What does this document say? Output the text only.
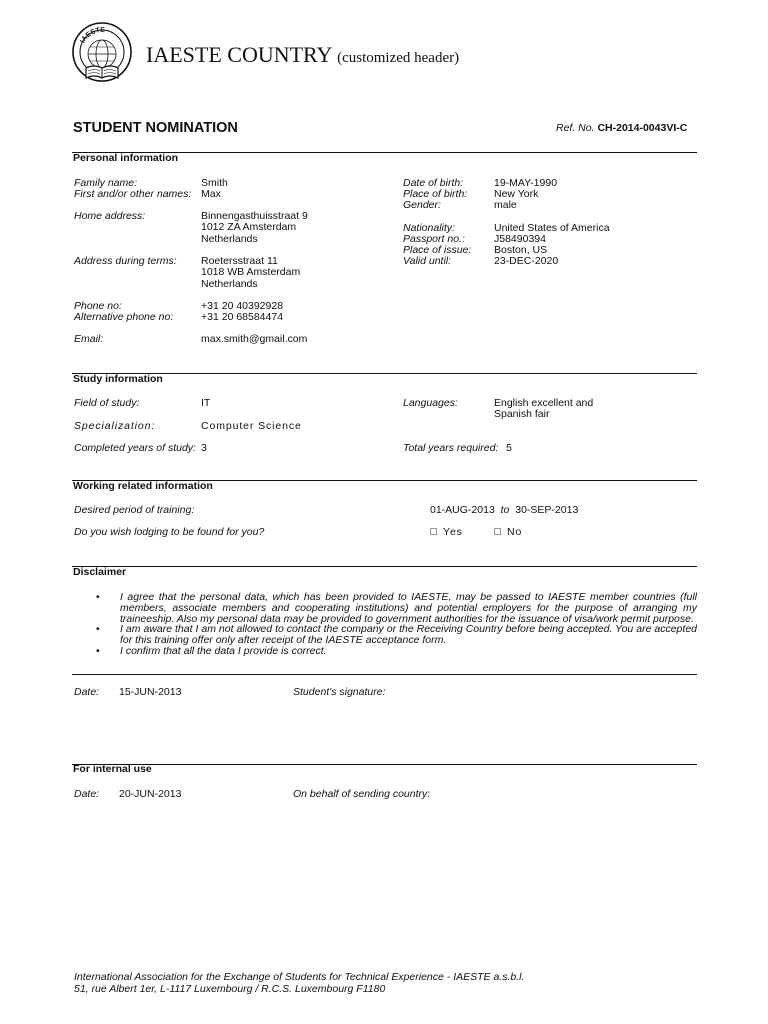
IAESTE
IAESTE COUNTRY (customized header)
STUDENT NOMINATION	Ref. No. CH-2014-0043VI-C
Personal information
Family name:	Smith
First and/or other names: Max
Home address:	Binnengasthuisstraat 9
1012 ZA Amsterdam
Netherlands
Address during terms: Roetersstraat 11
1018 WB Amsterdam
Netherlands
Phone no:	+31 20 40392928
Alternative phone no:	+31 20 68584474
Email:	max.smith@gmail.com
Date of birth:	19-MAY-1990
Place of birth:	New York
Gender:	male
Nationality:	United States of America
Passport no.:	J58490394
Place of issue: Boston, US
Valid until:	23-DEC-2020
Study information
Field of study:	IT
Specialization:	Computer Science
Completed years of study: 3
Languages:	English excellent and
Spanish fair
Total years required: 5
Working related information
Desired period of training:	01-AUG-2013 to 30-SEP-2013
Do you wish lodging to be found for you?	Yes	No
Disclaimer
• I agree that the personal data, which has been provided to IAESTE, may be passed to IAESTE member countries (full members, associate members and cooperating institutions) and potential employers for the purpose of arranging my traineeship. Also my personal data may be provided to government authorities for the issuance of visa/work permit purpose.
• I am aware that I am not allowed to contact the company or the Receiving Country before being accepted. You are accepted for this training offer only after receipt of the IAESTE acceptance form.
• I confirm that all the data I provide is correct.
Date: 15-JUN-2013	Student's signature:
For internal use
Date: 20-JUN-2013	On behalf of sending country:
International Association for the Exchange of Students for Technical Experience - IAESTE a.s.b.l.
51, rue Albert 1er, L-1117 Luxembourg / R.C.S. Luxembourg F1180
